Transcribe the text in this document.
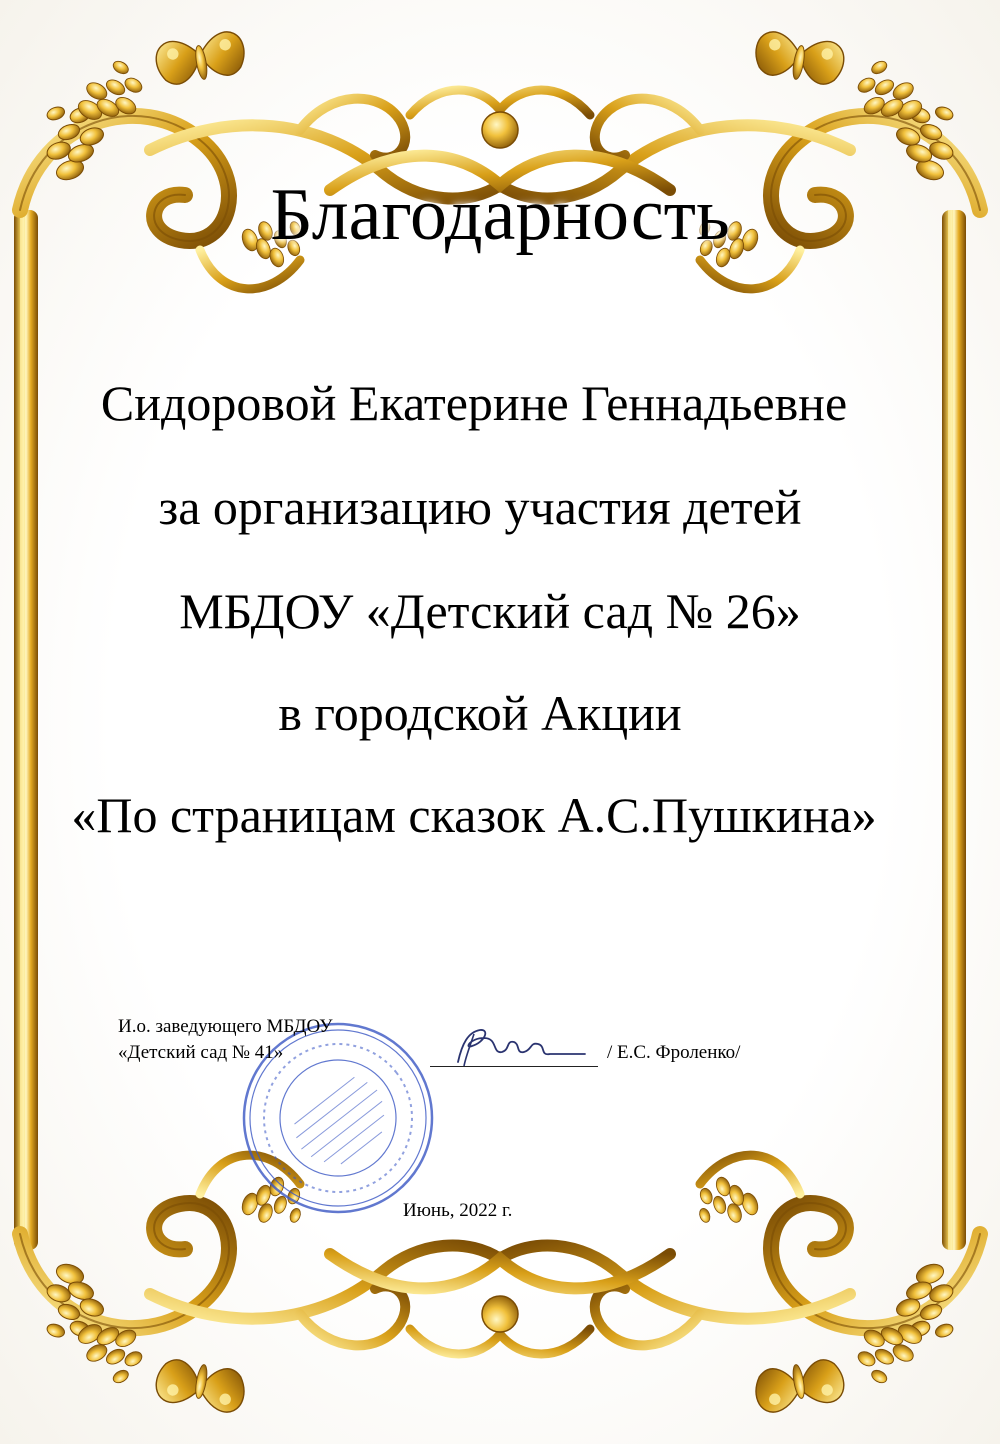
Благодарность
Сидоровой Екатерине Геннадьевне
за организацию участия детей
МБДОУ «Детский сад № 26»
в городской Акции
«По страницам сказок А.С.Пушкина»
И.о. заведующего МБДОУ
«Детский сад № 41»	/ Е.С. Фроленко/
Июнь, 2022 г.
